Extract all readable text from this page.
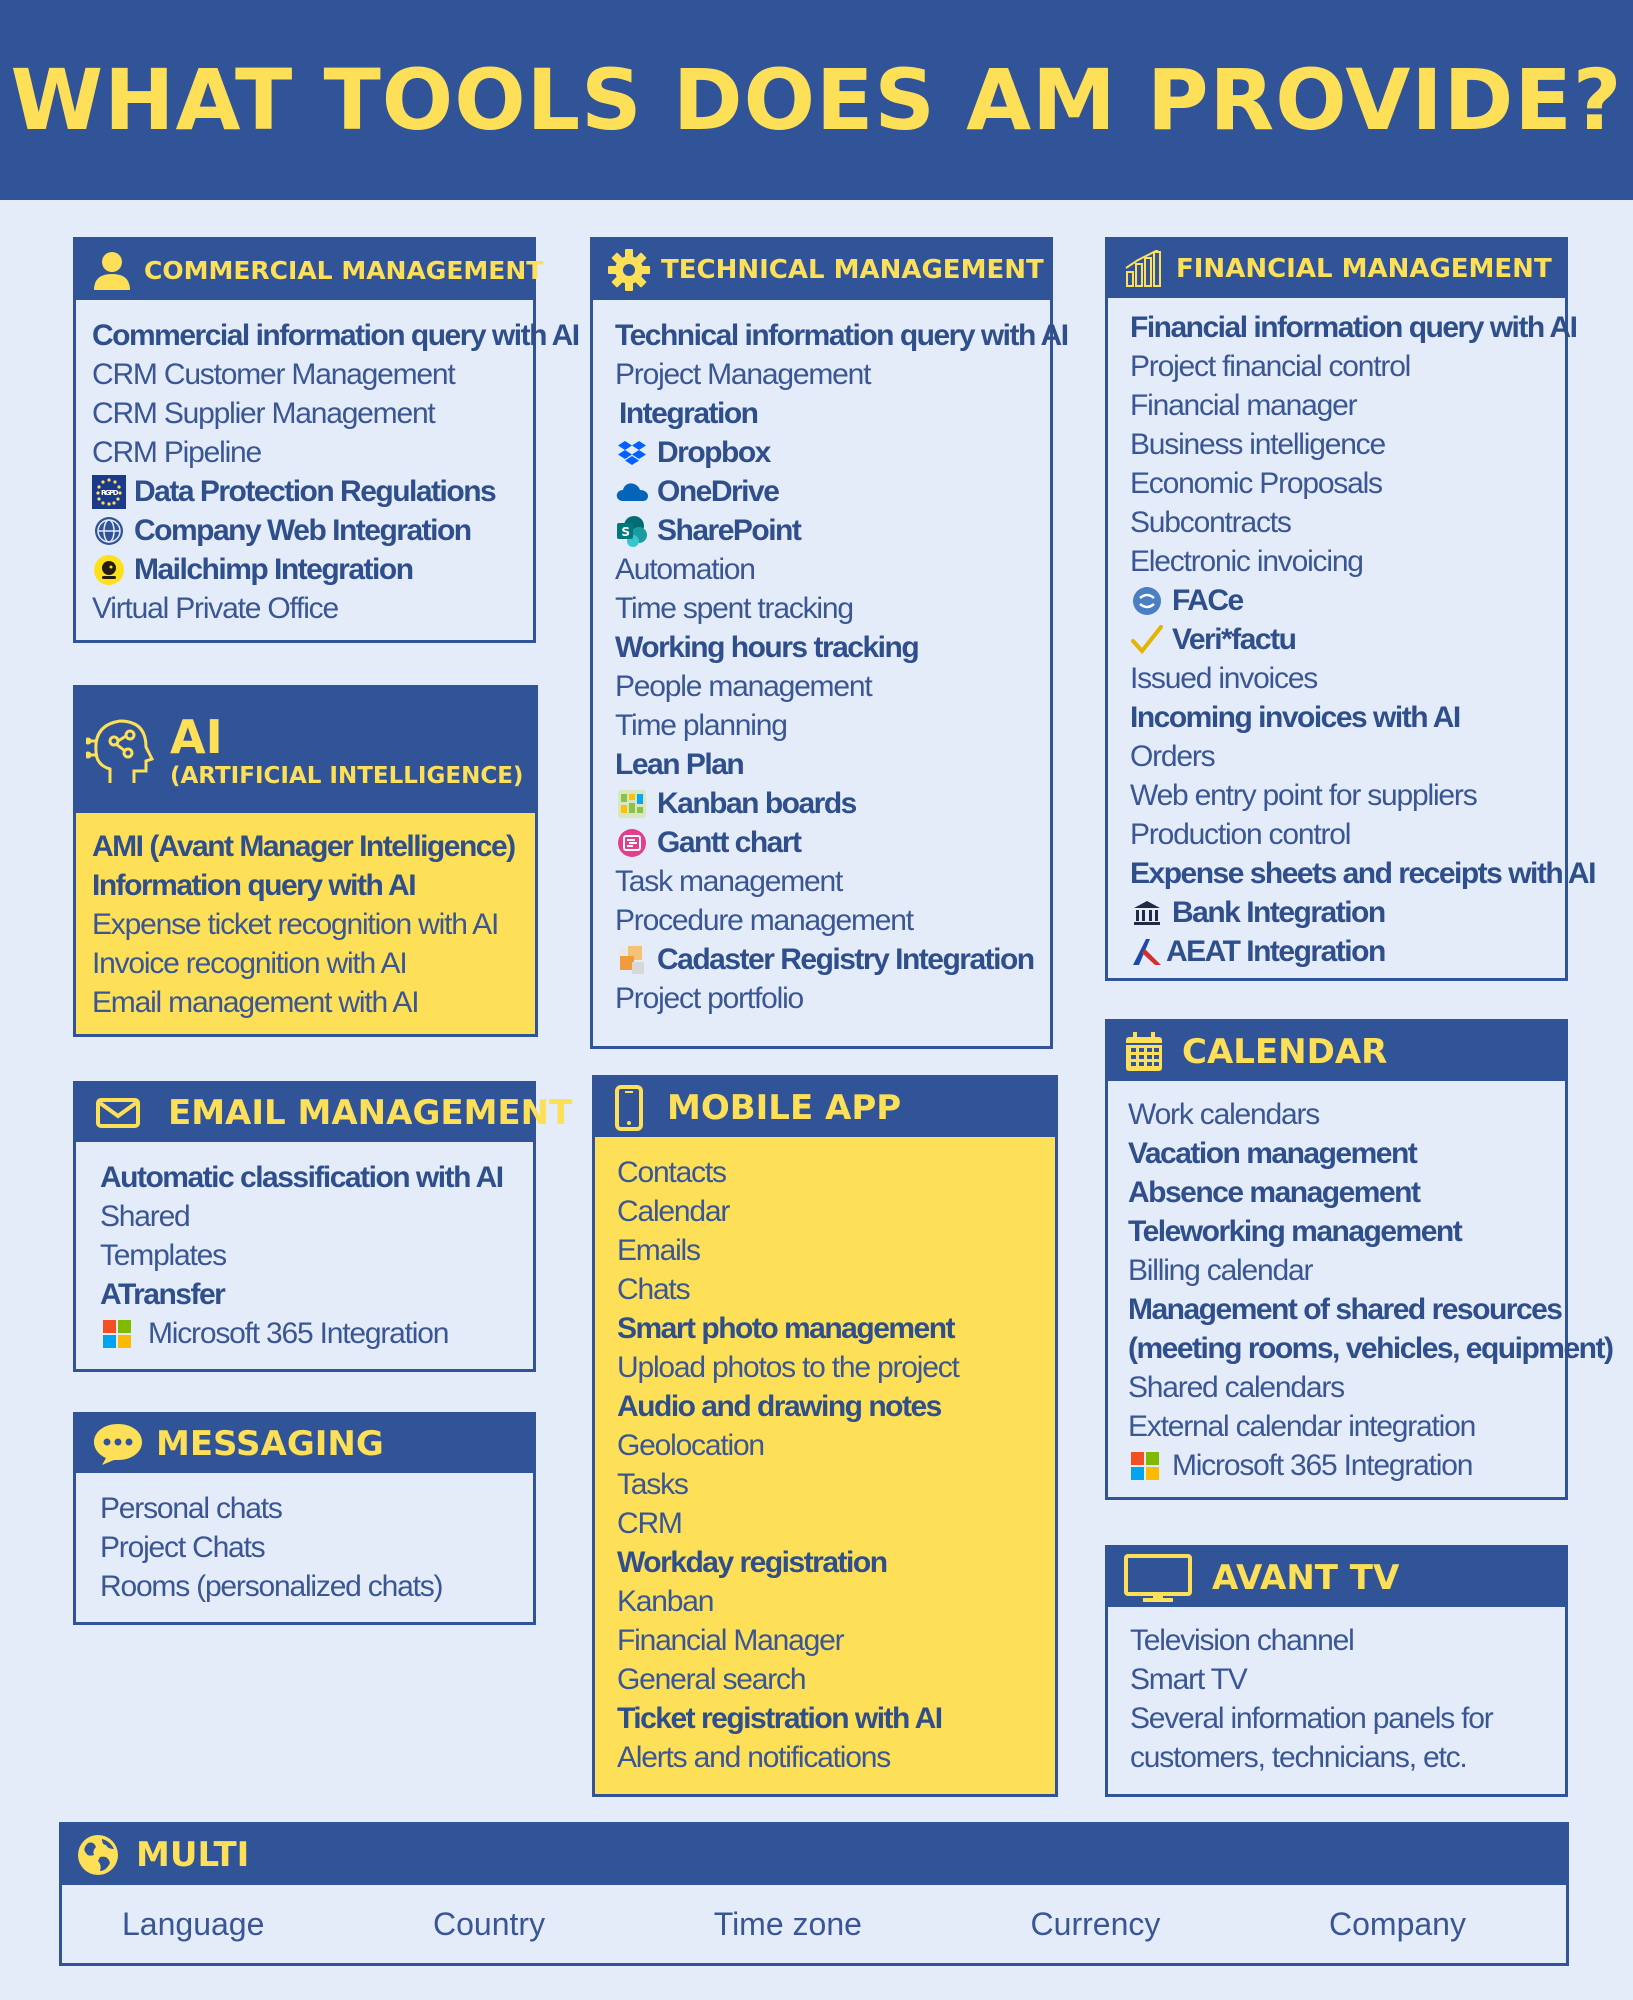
WHAT TOOLS DOES AM PROVIDE?
COMMERCIAL MANAGEMENT
Commercial information query with AI
CRM Customer Management
CRM Supplier Management
CRM Pipeline
RGPD Data Protection Regulations
Company Web Integration
Mailchimp Integration
Virtual Private Office
AI
(ARTIFICIAL INTELLIGENCE)
AMI (Avant Manager Intelligence)
Information query with AI
Expense ticket recognition with AI
Invoice recognition with AI
Email management with AI
EMAIL MANAGEMENT
Automatic classification with AI
Shared
Templates
ATransfer
Microsoft 365 Integration
MESSAGING
Personal chats
Project Chats
Rooms (personalized chats)
TECHNICAL MANAGEMENT
Technical information query with AI
Project Management
Integration
Dropbox
OneDrive
S SharePoint
Automation
Time spent tracking
Working hours tracking
People management
Time planning
Lean Plan
Kanban boards
Gantt chart
Task management
Procedure management
Cadaster Registry Integration
Project portfolio
MOBILE APP
Contacts
Calendar
Emails
Chats
Smart photo management
Upload photos to the project
Audio and drawing notes
Geolocation
Tasks
CRM
Workday registration
Kanban
Financial Manager
General search
Ticket registration with AI
Alerts and notifications
FINANCIAL MANAGEMENT
Financial information query with AI
Project financial control
Financial manager
Business intelligence
Economic Proposals
Subcontracts
Electronic invoicing
FACe
Veri*factu
Issued invoices
Incoming invoices with AI
Orders
Web entry point for suppliers
Production control
Expense sheets and receipts with AI
Bank Integration
AEAT Integration
CALENDAR
Work calendars
Vacation management
Absence management
Teleworking management
Billing calendar
Management of shared resources
(meeting rooms, vehicles, equipment)
Shared calendars
External calendar integration
Microsoft 365 Integration
AVANT TV
Television channel
Smart TV
Several information panels for
customers, technicians, etc.
MULTI
Language	Country	Time zone	Currency	Company
